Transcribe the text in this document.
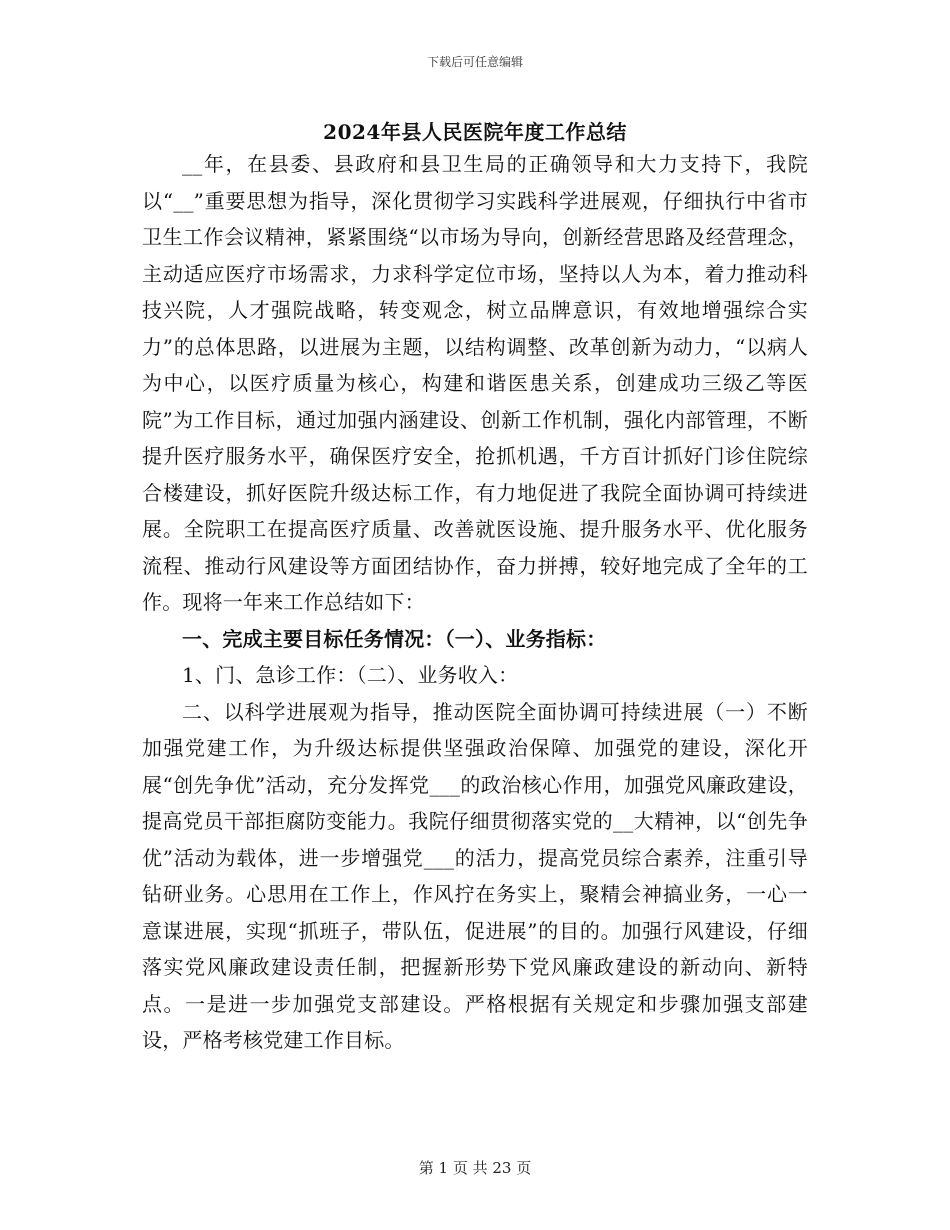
下载后可任意编辑
2024年县人民医院年度工作总结

__年，在县委、县政府和县卫生局的正确领导和大力支持下，我院以“__”重要思想为指导，深化贯彻学习实践科学进展观，仔细执行中省市卫生工作会议精神，紧紧围绕“以市场为导向，创新经营思路及经营理念，主动适应医疗市场需求，力求科学定位市场，坚持以人为本，着力推动科技兴院，人才强院战略，转变观念，树立品牌意识，有效地增强综合实力”的总体思路，以进展为主题，以结构调整、改革创新为动力，“以病人为中心，以医疗质量为核心，构建和谐医患关系，创建成功三级乙等医院”为工作目标，通过加强内涵建设、创新工作机制，强化内部管理，不断提升医疗服务水平，确保医疗安全，抢抓机遇，千方百计抓好门诊住院综合楼建设，抓好医院升级达标工作，有力地促进了我院全面协调可持续进展。全院职工在提高医疗质量、改善就医设施、提升服务水平、优化服务流程、推动行风建设等方面团结协作，奋力拼搏，较好地完成了全年的工作。现将一年来工作总结如下：

一、完成主要目标任务情况：（一）、业务指标：

1、门、急诊工作：（二）、业务收入：

二、以科学进展观为指导，推动医院全面协调可持续进展（一）不断加强党建工作，为升级达标提供坚强政治保障、加强党的建设，深化开展“创先争优”活动，充分发挥党___的政治核心作用，加强党风廉政建设，提高党员干部拒腐防变能力。我院仔细贯彻落实党的__大精神，以“创先争优”活动为载体，进一步增强党___的活力，提高党员综合素养，注重引导钻研业务。心思用在工作上，作风拧在务实上，聚精会神搞业务，一心一意谋进展，实现“抓班子，带队伍，促进展”的目的。加强行风建设，仔细落实党风廉政建设责任制，把握新形势下党风廉政建设的新动向、新特点。一是进一步加强党支部建设。严格根据有关规定和步骤加强支部建设，严格考核党建工作目标。

第 1 页 共 23 页
